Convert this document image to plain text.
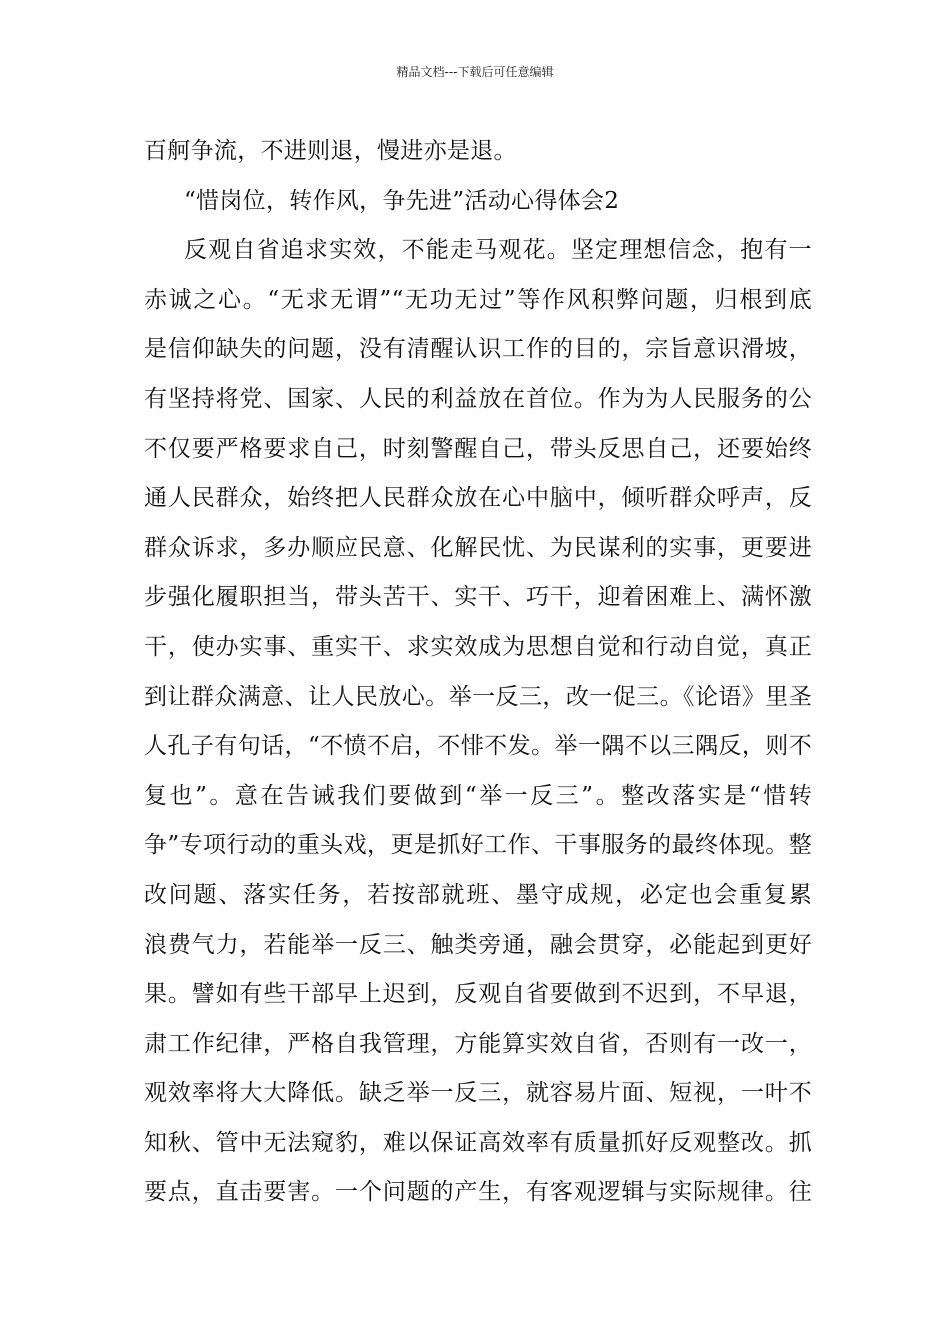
精品文档---下载后可任意编辑
百舸争流，不进则退，慢进亦是退。
“惜岗位，转作风，争先进”活动心得体会2
反观自省追求实效，不能走马观花。坚定理想信念，抱有一
赤诚之心。“无求无谓”“无功无过”等作风积弊问题，归根到底
是信仰缺失的问题，没有清醒认识工作的目的，宗旨意识滑坡，
有坚持将党、国家、人民的利益放在首位。作为为人民服务的公
不仅要严格要求自己，时刻警醒自己，带头反思自己，还要始终
通人民群众，始终把人民群众放在心中脑中，倾听群众呼声，反
群众诉求，多办顺应民意、化解民忧、为民谋利的实事，更要进
步强化履职担当，带头苦干、实干、巧干，迎着困难上、满怀激
干，使办实事、重实干、求实效成为思想自觉和行动自觉，真正
到让群众满意、让人民放心。举一反三，改一促三。《论语》里圣
人孔子有句话，“不愤不启，不悱不发。举一隅不以三隅反，则不
复也”。意在告诫我们要做到“举一反三”。整改落实是“惜转
争”专项行动的重头戏，更是抓好工作、干事服务的最终体现。整
改问题、落实任务，若按部就班、墨守成规，必定也会重复累
浪费气力，若能举一反三、触类旁通，融会贯穿，必能起到更好
果。譬如有些干部早上迟到，反观自省要做到不迟到，不早退，
肃工作纪律，严格自我管理，方能算实效自省，否则有一改一，
观效率将大大降低。缺乏举一反三，就容易片面、短视，一叶不
知秋、管中无法窥豹，难以保证高效率有质量抓好反观整改。抓
要点，直击要害。一个问题的产生，有客观逻辑与实际规律。往
